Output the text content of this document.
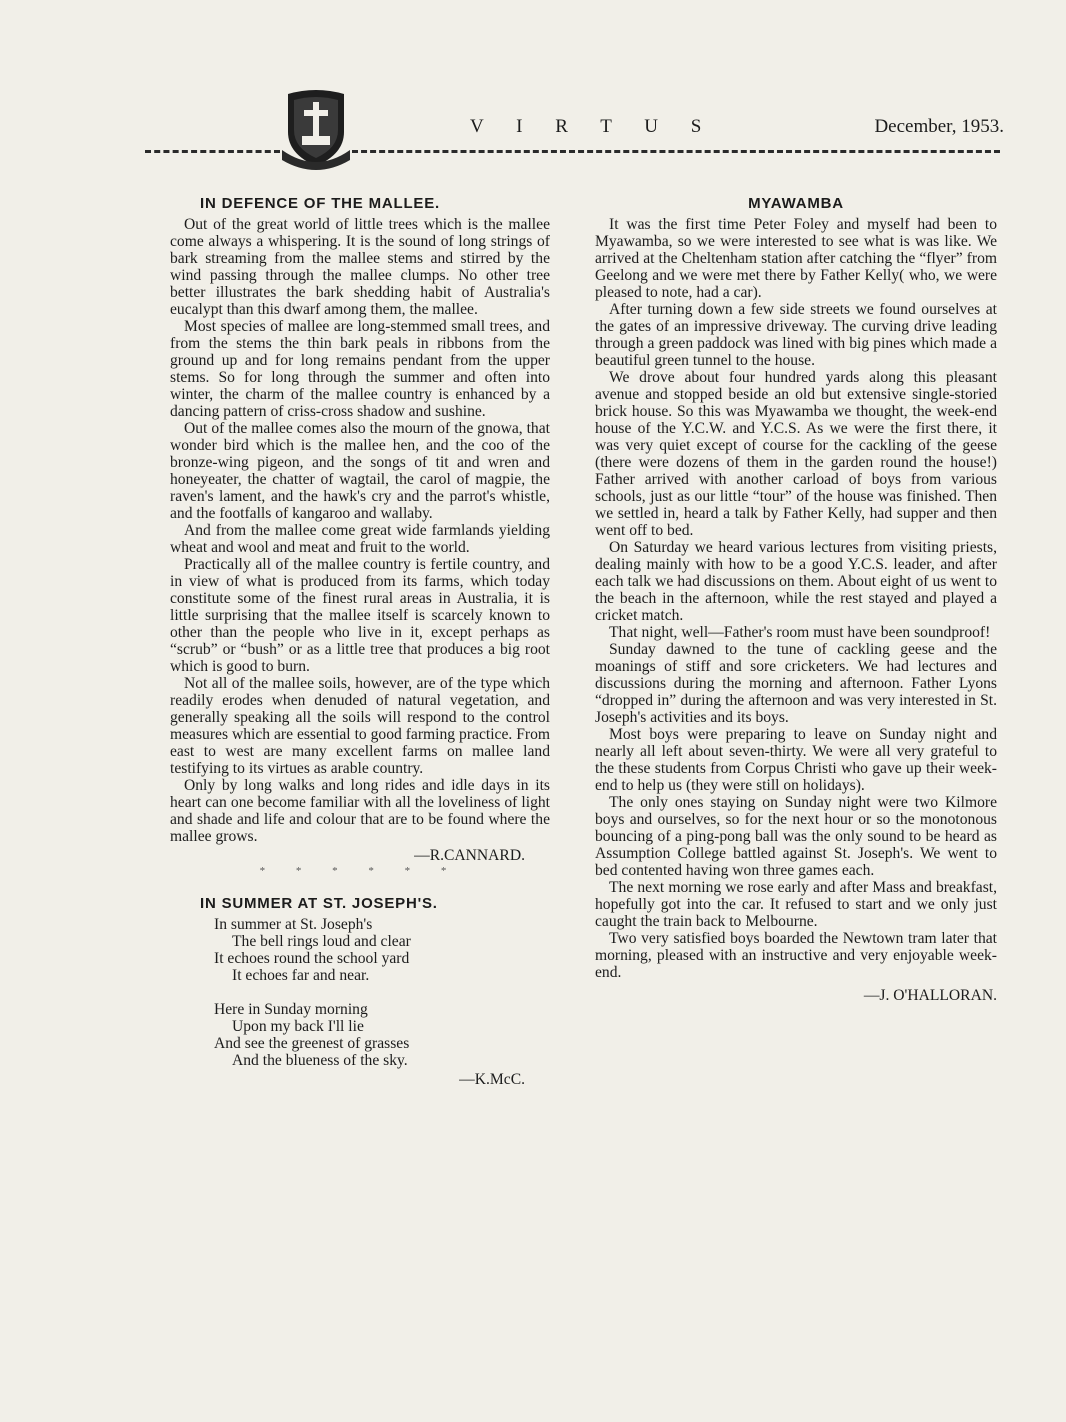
V I R T U S	December, 1953.
IN DEFENCE OF THE MALLEE.

Out of the great world of little trees which is the mallee come always a whispering. It is the sound of long strings of bark streaming from the mallee stems and stirred by the wind passing through the mallee clumps. No other tree better illustrates the bark shedding habit of Australia's eucalypt than this dwarf among them, the mallee.

Most species of mallee are long-stemmed small trees, and from the stems the thin bark peals in ribbons from the ground up and for long remains pendant from the upper stems. So for long through the summer and often into winter, the charm of the mallee country is enhanced by a dancing pattern of criss-cross shadow and sushine.

Out of the mallee comes also the mourn of the gnowa, that wonder bird which is the mallee hen, and the coo of the bronze-wing pigeon, and the songs of tit and wren and honeyeater, the chatter of wagtail, the carol of magpie, the raven's lament, and the hawk's cry and the parrot's whistle, and the footfalls of kangaroo and wallaby.

And from the mallee come great wide farmlands yielding wheat and wool and meat and fruit to the world.

Practically all of the mallee country is fertile country, and in view of what is produced from its farms, which today constitute some of the finest rural areas in Australia, it is little surprising that the mallee itself is scarcely known to other than the people who live in it, except perhaps as “scrub” or “bush” or as a little tree that produces a big root which is good to burn.

Not all of the mallee soils, however, are of the type which readily erodes when denuded of natural vegetation, and generally speaking all the soils will respond to the control measures which are essential to good farming practice. From east to west are many excellent farms on mallee land testifying to its virtues as arable country.

Only by long walks and long rides and idle days in its heart can one become familiar with all the loveliness of light and shade and life and colour that are to be found where the mallee grows.

—R.CANNARD.
* * * * * *
IN SUMMER AT ST. JOSEPH'S.
In summer at St. Joseph's
The bell rings loud and clear
It echoes round the school yard
It echoes far and near.
Here in Sunday morning
Upon my back I'll lie
And see the greenest of grasses
And the blueness of the sky.
—K.McC.
MYAWAMBA

It was the first time Peter Foley and myself had been to Myawamba, so we were interested to see what is was like. We arrived at the Cheltenham station after catching the “flyer” from Geelong and we were met there by Father Kelly( who, we were pleased to note, had a car).

After turning down a few side streets we found ourselves at the gates of an impressive driveway. The curving drive leading through a green paddock was lined with big pines which made a beautiful green tunnel to the house.

We drove about four hundred yards along this pleasant avenue and stopped beside an old but extensive single-storied brick house. So this was Myawamba we thought, the week-end house of the Y.C.W. and Y.C.S. As we were the first there, it was very quiet except of course for the cackling of the geese (there were dozens of them in the garden round the house!) Father arrived with another carload of boys from various schools, just as our little “tour” of the house was finished. Then we settled in, heard a talk by Father Kelly, had supper and then went off to bed.

On Saturday we heard various lectures from visiting priests, dealing mainly with how to be a good Y.C.S. leader, and after each talk we had discussions on them. About eight of us went to the beach in the afternoon, while the rest stayed and played a cricket match.

That night, well—Father's room must have been soundproof!

Sunday dawned to the tune of cackling geese and the moanings of stiff and sore cricketers. We had lectures and discussions during the morning and afternoon. Father Lyons “dropped in” during the afternoon and was very interested in St. Joseph's activities and its boys.

Most boys were preparing to leave on Sunday night and nearly all left about seven-thirty. We were all very grateful to the these students from Corpus Christi who gave up their week-end to help us (they were still on holidays).

The only ones staying on Sunday night were two Kilmore boys and ourselves, so for the next hour or so the monotonous bouncing of a ping-pong ball was the only sound to be heard as Assumption College battled against St. Joseph's. We went to bed contented having won three games each.

The next morning we rose early and after Mass and breakfast, hopefully got into the car. It refused to start and we only just caught the train back to Melbourne.

Two very satisfied boys boarded the Newtown tram later that morning, pleased with an instructive and very enjoyable week-end.

—J. O'HALLORAN.
